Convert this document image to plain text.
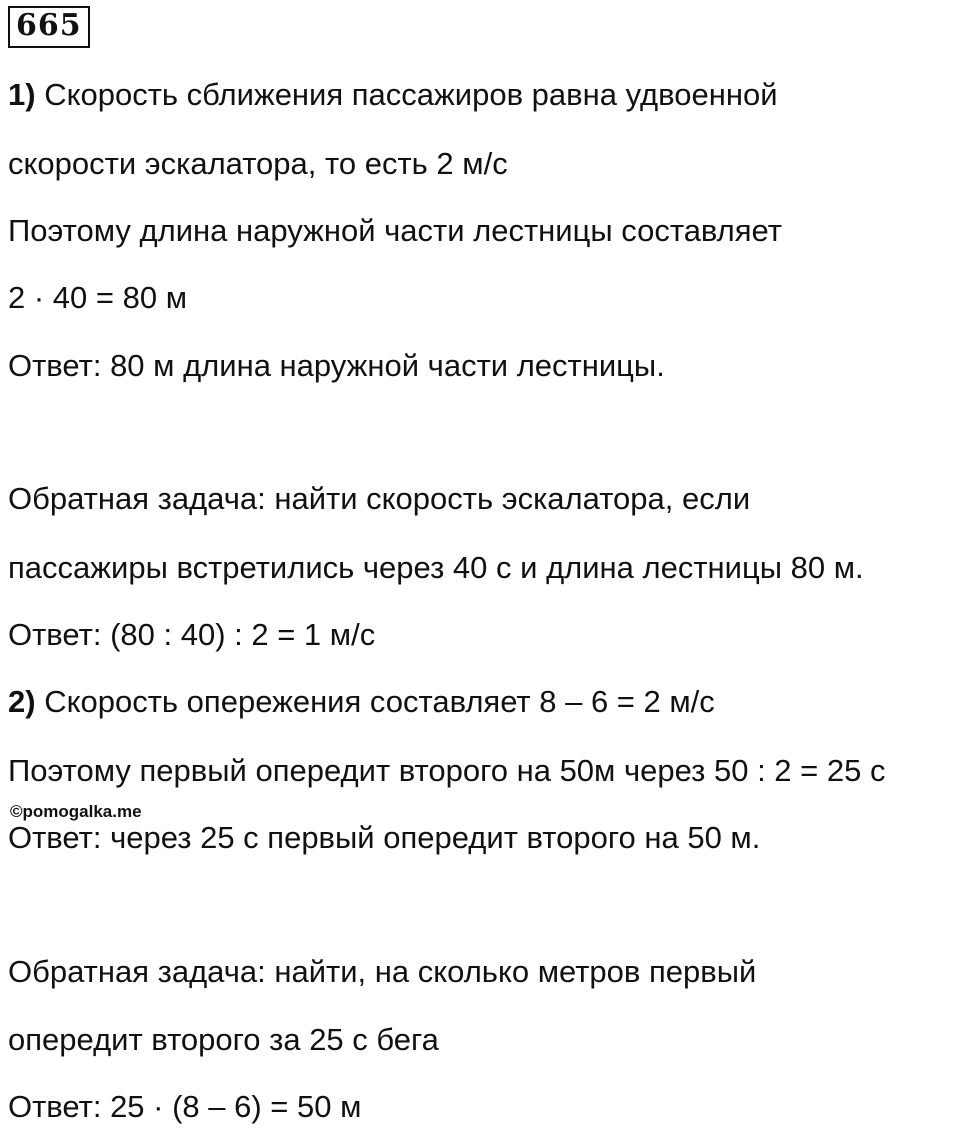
665
1) Скорость сближения пассажиров равна удвоенной
скорости эскалатора, то есть 2 м/с
Поэтому длина наружной части лестницы составляет
2 · 40 = 80 м
Ответ: 80 м длина наружной части лестницы.
Обратная задача: найти скорость эскалатора, если
пассажиры встретились через 40 с и длина лестницы 80 м.
Ответ: (80 : 40) : 2 = 1 м/с
2) Скорость опережения составляет 8 – 6 = 2 м/с
Поэтому первый опередит второго на 50м через 50 : 2 = 25 с
©pomogalka.me
Ответ: через 25 с первый опередит второго на 50 м.
Обратная задача: найти, на сколько метров первый
опередит второго за 25 с бега
Ответ: 25 · (8 – 6) = 50 м
